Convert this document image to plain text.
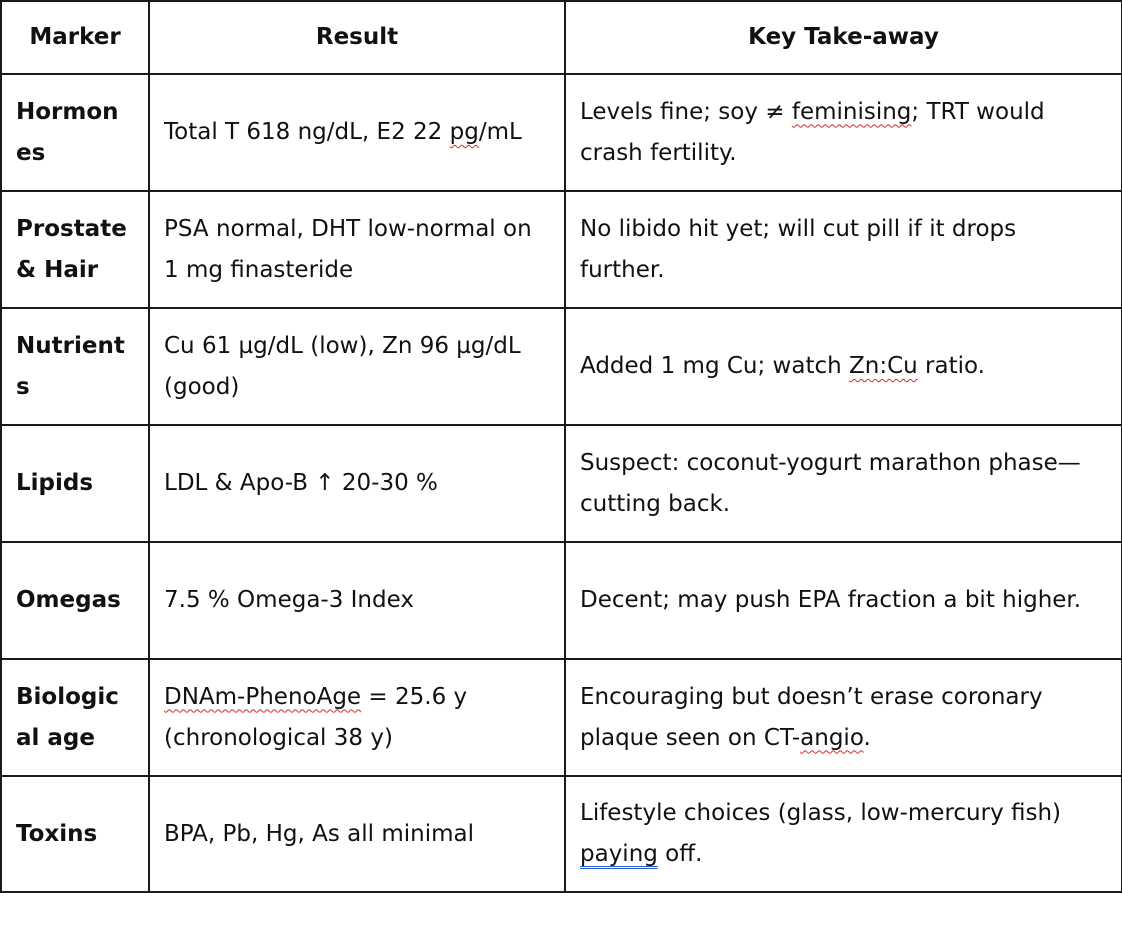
Marker	Result	Key Take-away
Hormones	Total T 618 ng/dL, E2 22 pg/mL	Levels fine; soy ≠ feminising; TRT would crash fertility.
Prostate & Hair	PSA normal, DHT low-normal on 1 mg finasteride	No libido hit yet; will cut pill if it drops further.
Nutrients	Cu 61 µg/dL (low), Zn 96 µg/dL (good)	Added 1 mg Cu; watch Zn:Cu ratio.
Lipids	LDL & Apo-B ↑ 20-30 %	Suspect: coconut-yogurt marathon phase—cutting back.
Omegas	7.5 % Omega-3 Index	Decent; may push EPA fraction a bit higher.
Biological age	DNAm-PhenoAge = 25.6 y (chronological 38 y)	Encouraging but doesn’t erase coronary plaque seen on CT-angio.
Toxins	BPA, Pb, Hg, As all minimal	Lifestyle choices (glass, low-mercury fish) paying off.
